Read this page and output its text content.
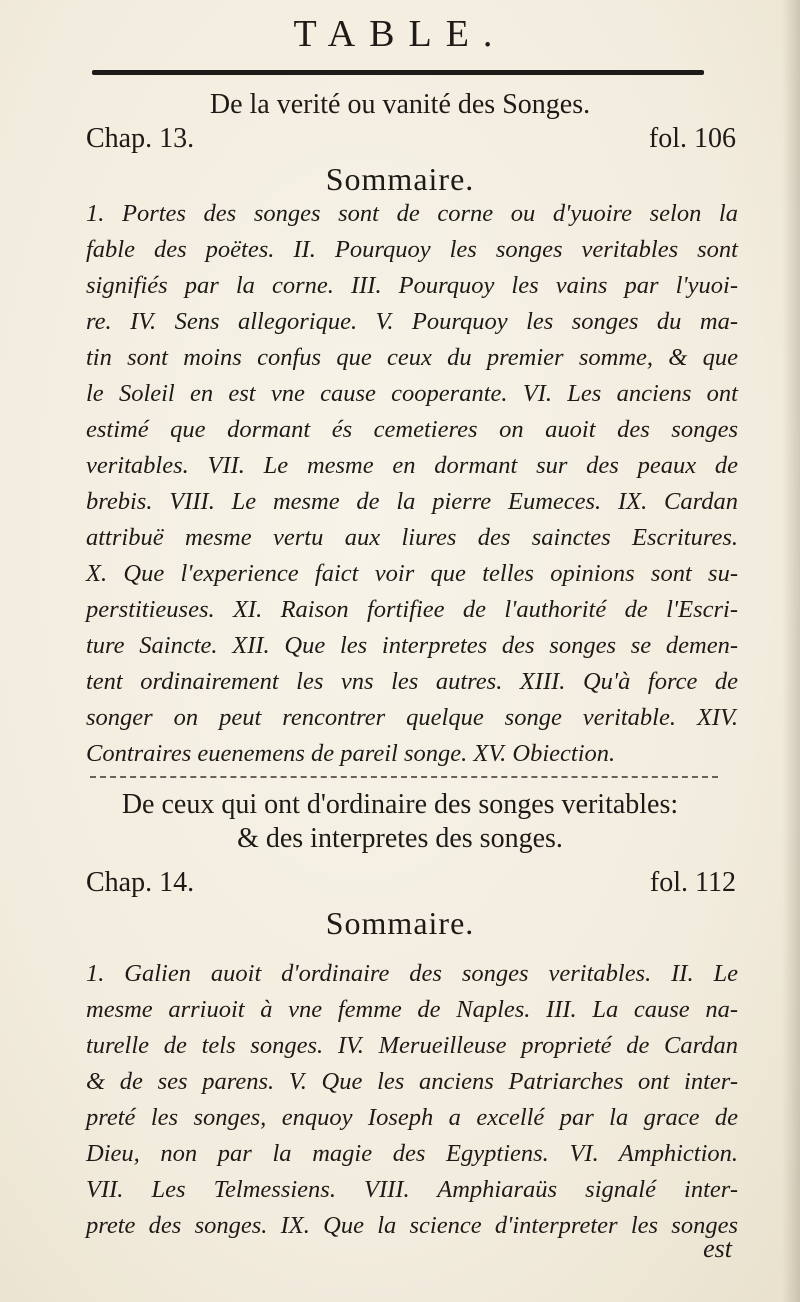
TABLE.
De la verité ou vanité des Songes.
Chap. 13.	fol. 106
Sommaire.
1. Portes des songes sont de corne ou d'yuoire selon la
fable des poëtes. II. Pourquoy les songes veritables sont
signifiés par la corne. III. Pourquoy les vains par l'yuoi-
re. IV. Sens allegorique. V. Pourquoy les songes du ma-
tin sont moins confus que ceux du premier somme, & que
le Soleil en est vne cause cooperante. VI. Les anciens ont
estimé que dormant és cemetieres on auoit des songes
veritables. VII. Le mesme en dormant sur des peaux de
brebis. VIII. Le mesme de la pierre Eumeces. IX. Cardan
attribuë mesme vertu aux liures des sainctes Escritures.
X. Que l'experience faict voir que telles opinions sont su-
perstitieuses. XI. Raison fortifiee de l'authorité de l'Escri-
ture Saincte. XII. Que les interpretes des songes se demen-
tent ordinairement les vns les autres. XIII. Qu'à force de
songer on peut rencontrer quelque songe veritable. XIV.
Contraires euenemens de pareil songe. XV. Obiection.
De ceux qui ont d'ordinaire des songes veritables:
& des interpretes des songes.
Chap. 14.	fol. 112
Sommaire.
1. Galien auoit d'ordinaire des songes veritables. II. Le
mesme arriuoit à vne femme de Naples. III. La cause na-
turelle de tels songes. IV. Merueilleuse proprieté de Cardan
& de ses parens. V. Que les anciens Patriarches ont inter-
preté les songes, enquoy Ioseph a excellé par la grace de
Dieu, non par la magie des Egyptiens. VI. Amphiction.
VII. Les Telmessiens. VIII. Amphiaraüs signalé inter-
prete des songes. IX. Que la science d'interpreter les songes
est
